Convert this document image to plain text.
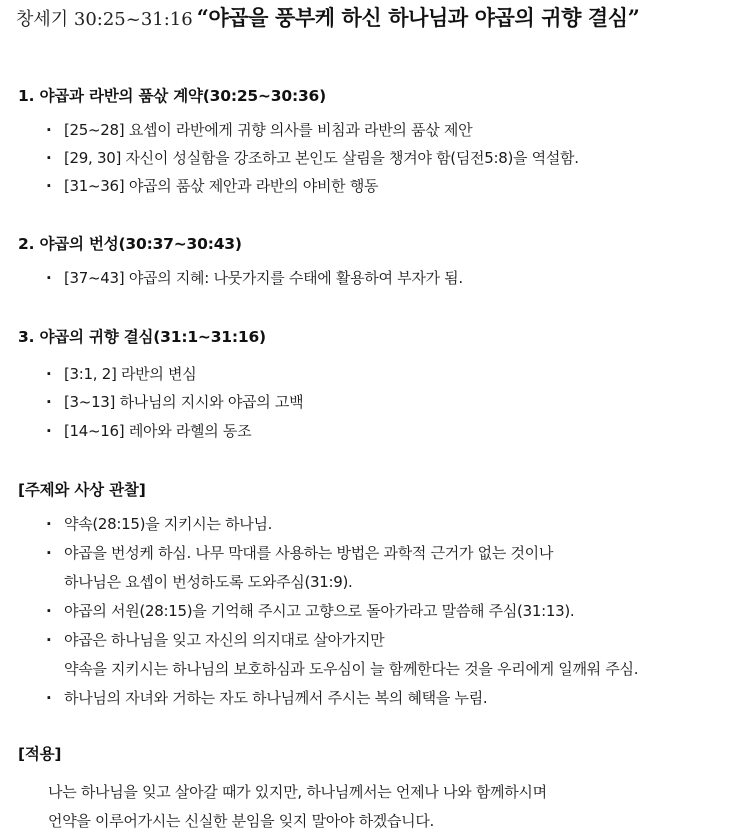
창세기 30:25~31:16 “야곱을 풍부케 하신 하나님과 야곱의 귀향 결심”
1. 야곱과 라반의 품삯 계약(30:25~30:36)
· [25~28] 요셉이 라반에게 귀향 의사를 비침과 라반의 품삯 제안
· [29, 30] 자신이 성실함을 강조하고 본인도 살림을 챙겨야 함(딤전5:8)을 역설함.
· [31~36] 야곱의 품삯 제안과 라반의 야비한 행동
2. 야곱의 번성(30:37~30:43)
· [37~43] 야곱의 지혜: 나뭇가지를 수태에 활용하여 부자가 됨.
3. 야곱의 귀향 결심(31:1~31:16)
· [3:1, 2] 라반의 변심
· [3~13] 하나님의 지시와 야곱의 고백
· [14~16] 레아와 라헬의 동조
[주제와 사상 관찰]
· 약속(28:15)을 지키시는 하나님.
· 야곱을 번성케 하심. 나무 막대를 사용하는 방법은 과학적 근거가 없는 것이나
하나님은 요셉이 번성하도록 도와주심(31:9).
· 야곱의 서원(28:15)을 기억해 주시고 고향으로 돌아가라고 말씀해 주심(31:13).
· 야곱은 하나님을 잊고 자신의 의지대로 살아가지만
약속을 지키시는 하나님의 보호하심과 도우심이 늘 함께한다는 것을 우리에게 일깨워 주심.
· 하나님의 자녀와 거하는 자도 하나님께서 주시는 복의 혜택을 누림.
[적용]
나는 하나님을 잊고 살아갈 때가 있지만, 하나님께서는 언제나 나와 함께하시며
언약을 이루어가시는 신실한 분임을 잊지 말아야 하겠습니다.
